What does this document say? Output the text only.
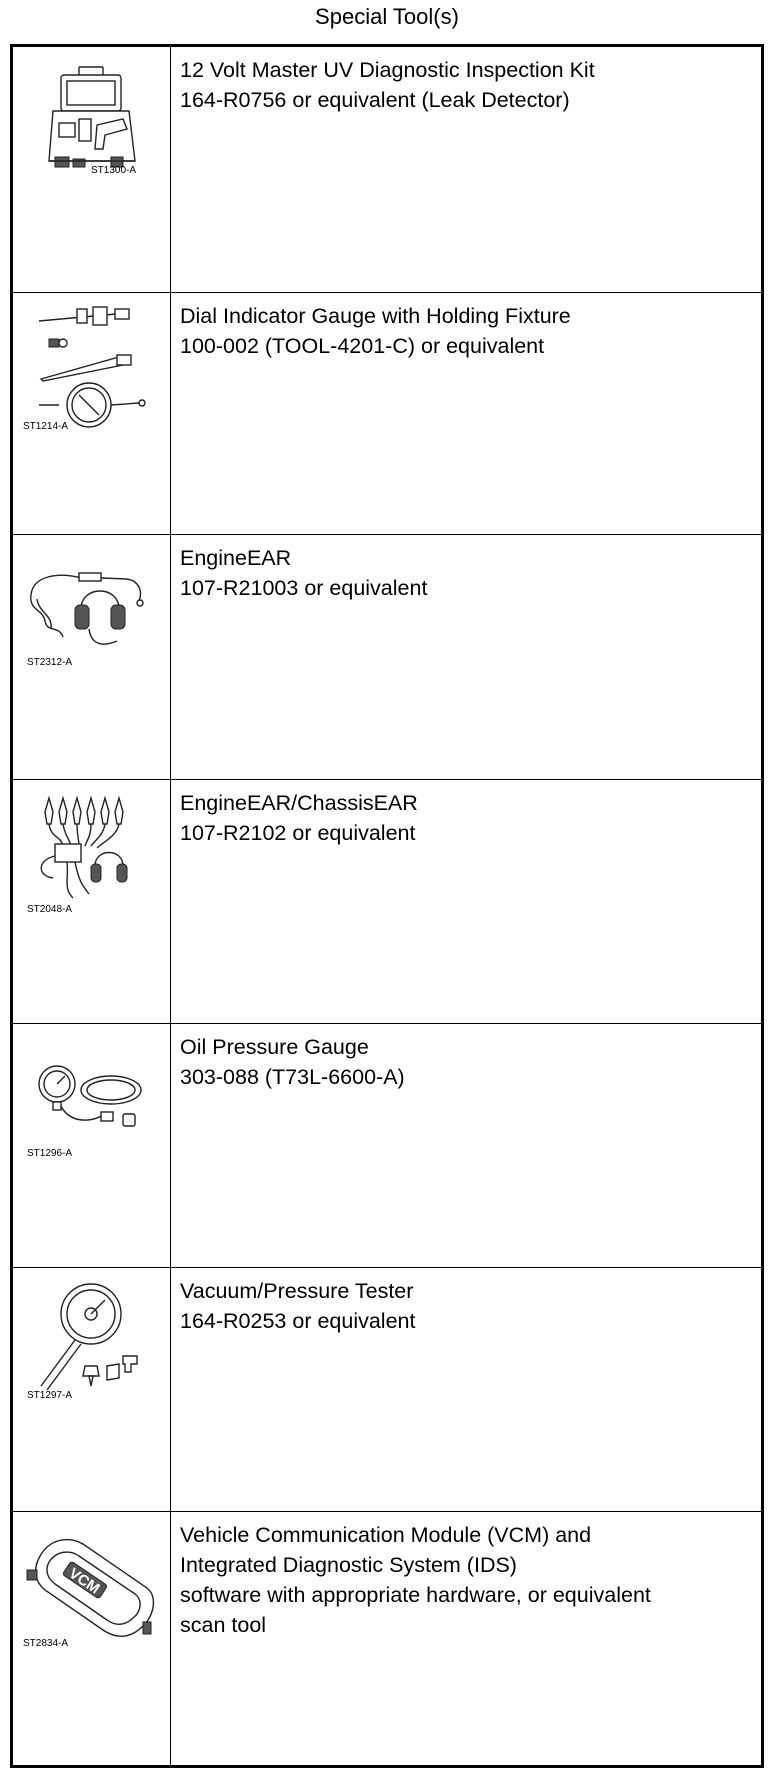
Special Tool(s)
ST1300-A
12 Volt Master UV Diagnostic Inspection Kit
164-R0756 or equivalent (Leak Detector)
ST1214-A
Dial Indicator Gauge with Holding Fixture
100-002 (TOOL-4201-C) or equivalent
ST2312-A
EngineEAR
107-R21003 or equivalent
ST2048-A
EngineEAR/ChassisEAR
107-R2102 or equivalent
ST1296-A
Oil Pressure Gauge
303-088 (T73L-6600-A)
ST1297-A
Vacuum/Pressure Tester
164-R0253 or equivalent
VCM
ST2834-A
Vehicle Communication Module (VCM) and
Integrated Diagnostic System (IDS)
software with appropriate hardware, or equivalent
scan tool
